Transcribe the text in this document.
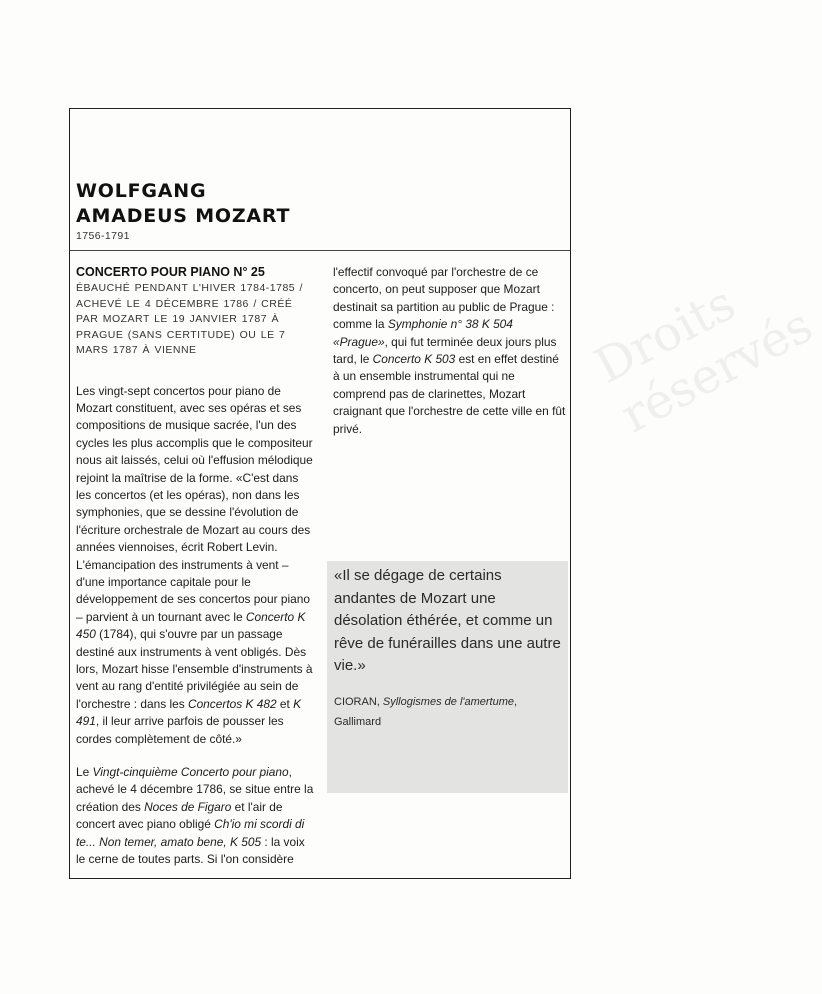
WOLFGANG
AMADEUS MOZART
1756-1791
CONCERTO POUR PIANO N° 25

ÉBAUCHÉ PENDANT L'HIVER 1784-1785 / ACHEVÉ LE 4 DÉCEMBRE 1786 / CRÉÉ PAR MOZART LE 19 JANVIER 1787 À PRAGUE (SANS CERTITUDE) OU LE 7 MARS 1787 À VIENNE

Les vingt-sept concertos pour piano de Mozart constituent, avec ses opéras et ses compositions de musique sacrée, l'un des cycles les plus accomplis que le compositeur nous ait laissés, celui où l'effusion mélodique rejoint la maîtrise de la forme. «C'est dans les concertos (et les opéras), non dans les symphonies, que se dessine l'évolution de l'écriture orchestrale de Mozart au cours des années viennoises, écrit Robert Levin. L'émancipation des instruments à vent – d'une importance capitale pour le développement de ses concertos pour piano – parvient à un tournant avec le Concerto K 450 (1784), qui s'ouvre par un passage destiné aux instruments à vent obligés. Dès lors, Mozart hisse l'ensemble d'instruments à vent au rang d'entité privilégiée au sein de l'orchestre : dans les Concertos K 482 et K 491, il leur arrive parfois de pousser les cordes complètement de côté.»

Le Vingt-cinquième Concerto pour piano, achevé le 4 décembre 1786, se situe entre la création des Noces de Figaro et l'air de concert avec piano obligé Ch'io mi scordi di te... Non temer, amato bene, K 505 : la voix le cerne de toutes parts. Si l'on considère

«Il se dégage de certains andantes de Mozart une désolation éthérée, et comme un rêve de funérailles dans une autre vie.»

CIORAN, Syllogismes de l'amertume,
Gallimard

l'effectif convoqué par l'orchestre de ce concerto, on peut supposer que Mozart destinait sa partition au public de Prague : comme la Symphonie n° 38 K 504 «Prague», qui fut terminée deux jours plus tard, le Concerto K 503 est en effet destiné à un ensemble instrumental qui ne comprend pas de clarinettes, Mozart craignant que l'orchestre de cette ville en fût privé.

Droits réservés
